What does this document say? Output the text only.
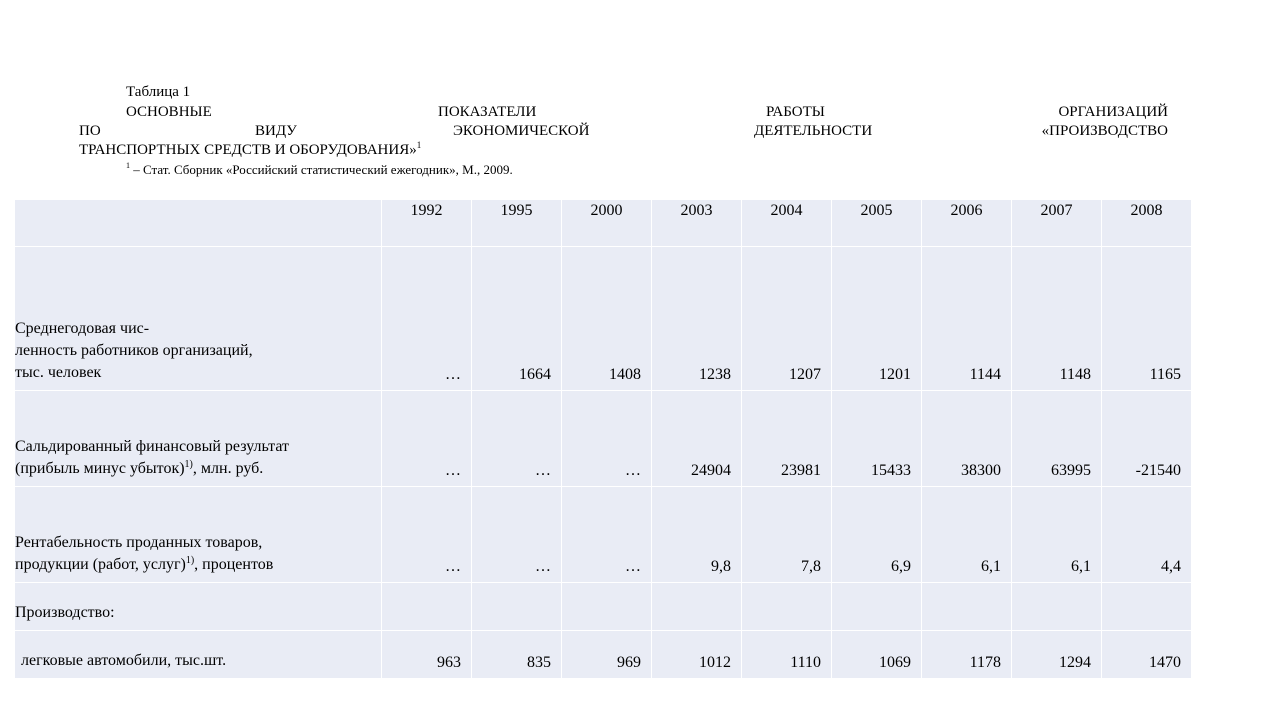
Таблица 1
ОСНОВНЫЕ	ПОКАЗАТЕЛИ	РАБОТЫ	ОРГАНИЗАЦИЙ
ПО	ВИДУ	ЭКОНОМИЧЕСКОЙ	ДЕЯТЕЛЬНОСТИ	«ПРОИЗВОДСТВО
ТРАНСПОРТНЫХ СРЕДСТВ И ОБОРУДОВАНИЯ»$^1$
$^1$ – Стат. Сборник «Российский статистический ежегодник», М., 2009.
	1992	1995	2000	2003	2004	2005	2006	2007	2008

Среднегодовая чис-
ленность работников организаций,
тыс. человек	…	1664	1408	1238	1207	1201	1144	1148	1165

Сальдированный финансовый результат
(прибыль минус убыток)$^{1)}$, млн. руб.	…	…	…	24904	23981	15433	38300	63995	-21540

Рентабельность проданных товаров,
продукции (работ, услуг)$^{1)}$, процентов	…	…	…	9,8	7,8	6,9	6,1	6,1	4,4
Производство:									
легковые автомобили, тыс.шт.	963	835	969	1012	1110	1069	1178	1294	1470
